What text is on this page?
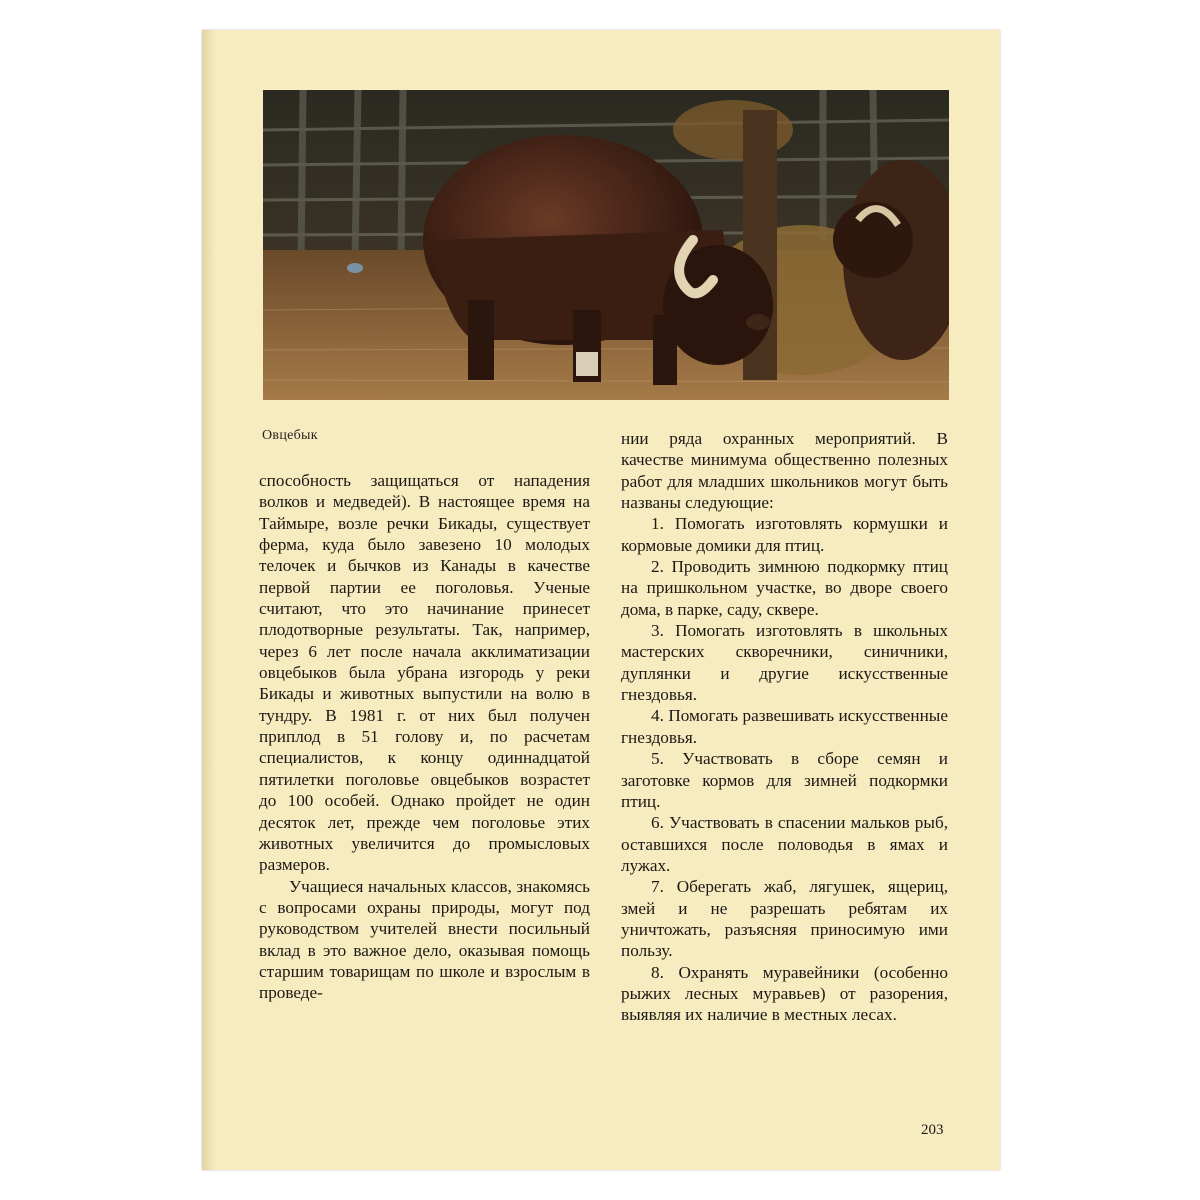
Овцебык

способность защищаться от нападения волков и медведей). В настоящее время на Таймыре, возле речки Бикады, существует ферма, куда было завезено 10 молодых телочек и бычков из Канады в качестве первой партии ее поголовья. Ученые считают, что это начинание принесет плодотворные результаты. Так, например, через 6 лет после начала акклиматизации овцебыков была убрана изгородь у реки Бикады и животных выпустили на волю в тундру. В 1981 г. от них был получен приплод в 51 голову и, по расчетам специалистов, к концу одиннадцатой пятилетки поголовье овцебыков возрастет до 100 особей. Однако пройдет не один десяток лет, прежде чем поголовье этих животных увеличится до промысловых размеров.

Учащиеся начальных классов, знакомясь с вопросами охраны природы, могут под руководством учителей внести посильный вклад в это важное дело, оказывая помощь старшим товарищам по школе и взрослым в проведе-

нии ряда охранных мероприятий. В качестве минимума общественно полезных работ для младших школьников могут быть названы следующие:

1. Помогать изготовлять кормушки и кормовые домики для птиц.

2. Проводить зимнюю подкормку птиц на пришкольном участке, во дворе своего дома, в парке, саду, сквере.

3. Помогать изготовлять в школьных мастерских скворечники, синичники, дуплянки и другие искусственные гнездовья.

4. Помогать развешивать искусственные гнездовья.

5. Участвовать в сборе семян и заготовке кормов для зимней подкормки птиц.

6. Участвовать в спасении мальков рыб, оставшихся после половодья в ямах и лужах.

7. Оберегать жаб, лягушек, ящериц, змей и не разрешать ребятам их уничтожать, разъясняя приносимую ими пользу.

8. Охранять муравейники (особенно рыжих лесных муравьев) от разорения, выявляя их наличие в местных лесах.

203
